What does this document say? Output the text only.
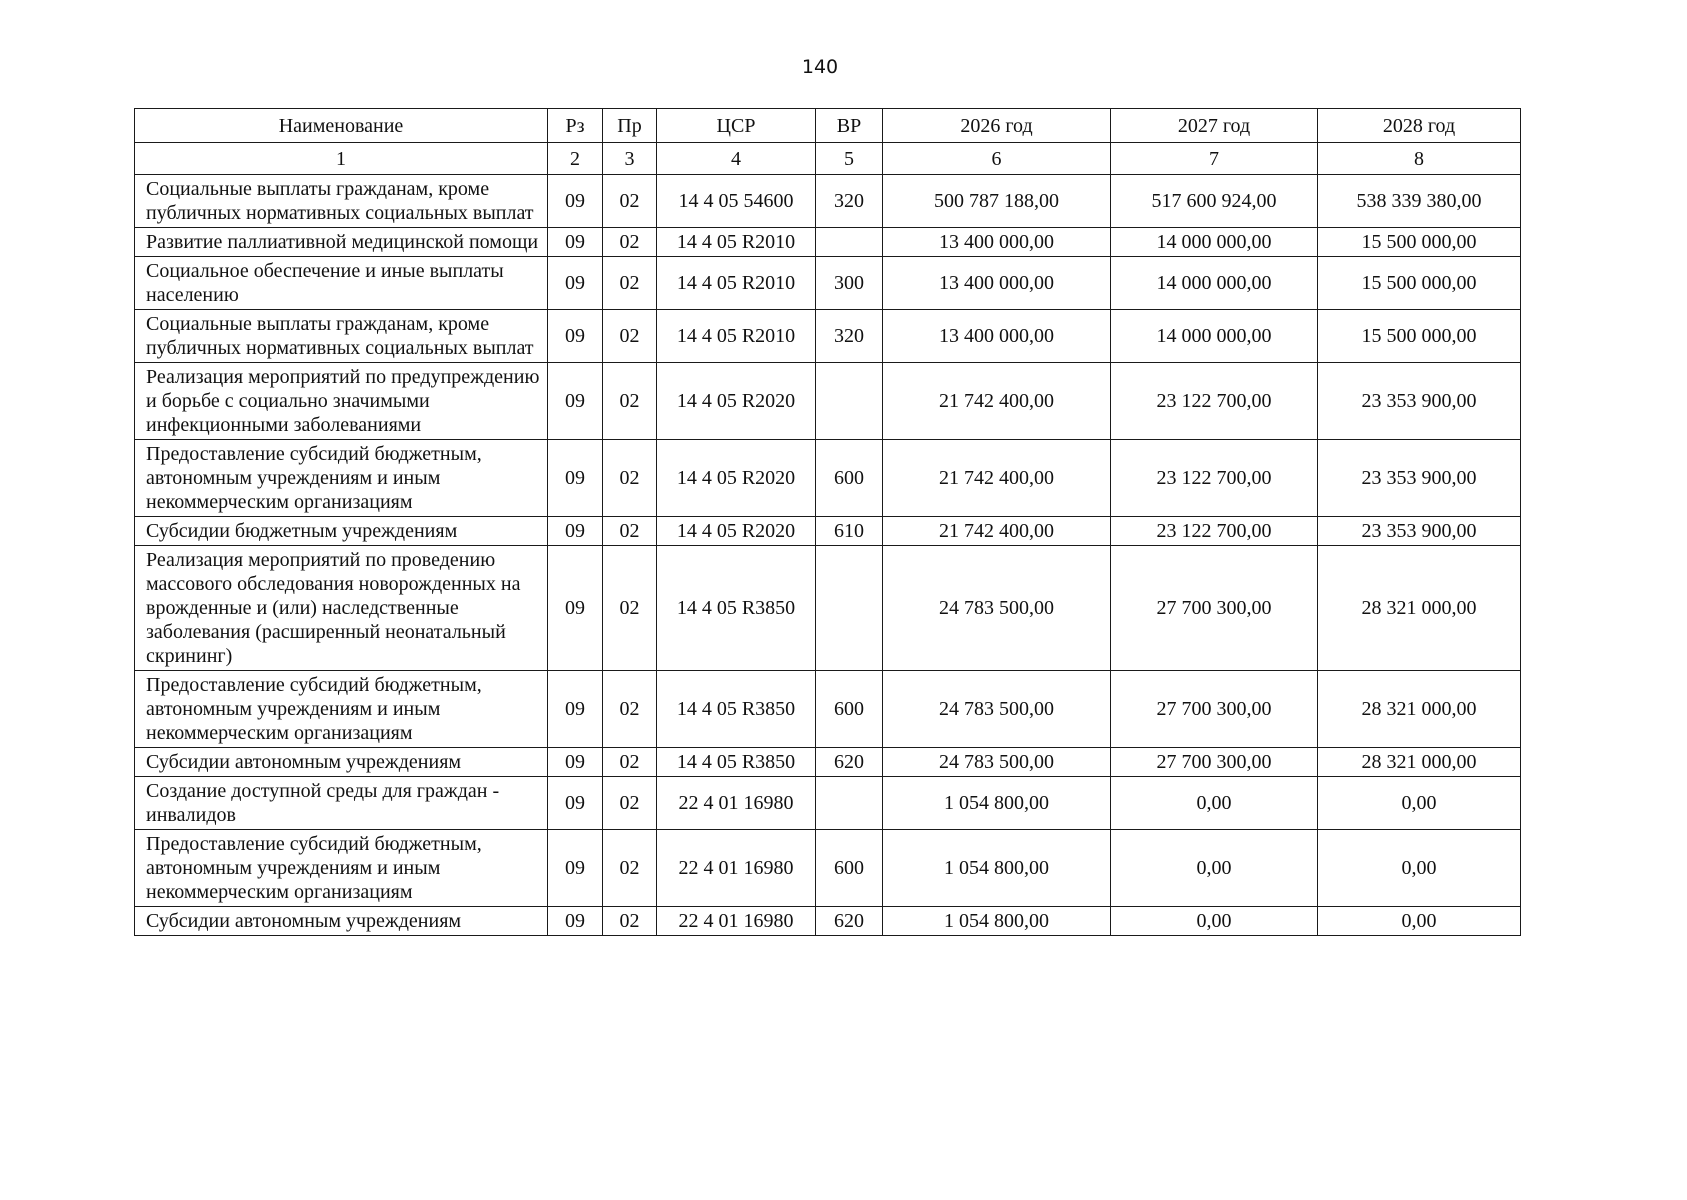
140
Наименование	Рз	Пр	ЦСР	ВР	2026 год	2027 год	2028 год
1	2	3	4	5	6	7	8
Социальные выплаты гражданам, кроме публичных нормативных социальных выплат	09	02	14 4 05 54600	320	500 787 188,00	517 600 924,00	538 339 380,00
Развитие паллиативной медицинской помощи	09	02	14 4 05 R2010		13 400 000,00	14 000 000,00	15 500 000,00
Социальное обеспечение и иные выплаты населению	09	02	14 4 05 R2010	300	13 400 000,00	14 000 000,00	15 500 000,00
Социальные выплаты гражданам, кроме публичных нормативных социальных выплат	09	02	14 4 05 R2010	320	13 400 000,00	14 000 000,00	15 500 000,00
Реализация мероприятий по предупреждению и борьбе с социально значимыми инфекционными заболеваниями	09	02	14 4 05 R2020		21 742 400,00	23 122 700,00	23 353 900,00
Предоставление субсидий бюджетным, автономным учреждениям и иным некоммерческим организациям	09	02	14 4 05 R2020	600	21 742 400,00	23 122 700,00	23 353 900,00
Субсидии бюджетным учреждениям	09	02	14 4 05 R2020	610	21 742 400,00	23 122 700,00	23 353 900,00
Реализация мероприятий по проведению массового обследования новорожденных на врожденные и (или) наследственные заболевания (расширенный неонатальный скрининг)	09	02	14 4 05 R3850		24 783 500,00	27 700 300,00	28 321 000,00
Предоставление субсидий бюджетным, автономным учреждениям и иным некоммерческим организациям	09	02	14 4 05 R3850	600	24 783 500,00	27 700 300,00	28 321 000,00
Субсидии автономным учреждениям	09	02	14 4 05 R3850	620	24 783 500,00	27 700 300,00	28 321 000,00
Создание доступной среды для граждан - инвалидов	09	02	22 4 01 16980		1 054 800,00	0,00	0,00
Предоставление субсидий бюджетным, автономным учреждениям и иным некоммерческим организациям	09	02	22 4 01 16980	600	1 054 800,00	0,00	0,00
Субсидии автономным учреждениям	09	02	22 4 01 16980	620	1 054 800,00	0,00	0,00
